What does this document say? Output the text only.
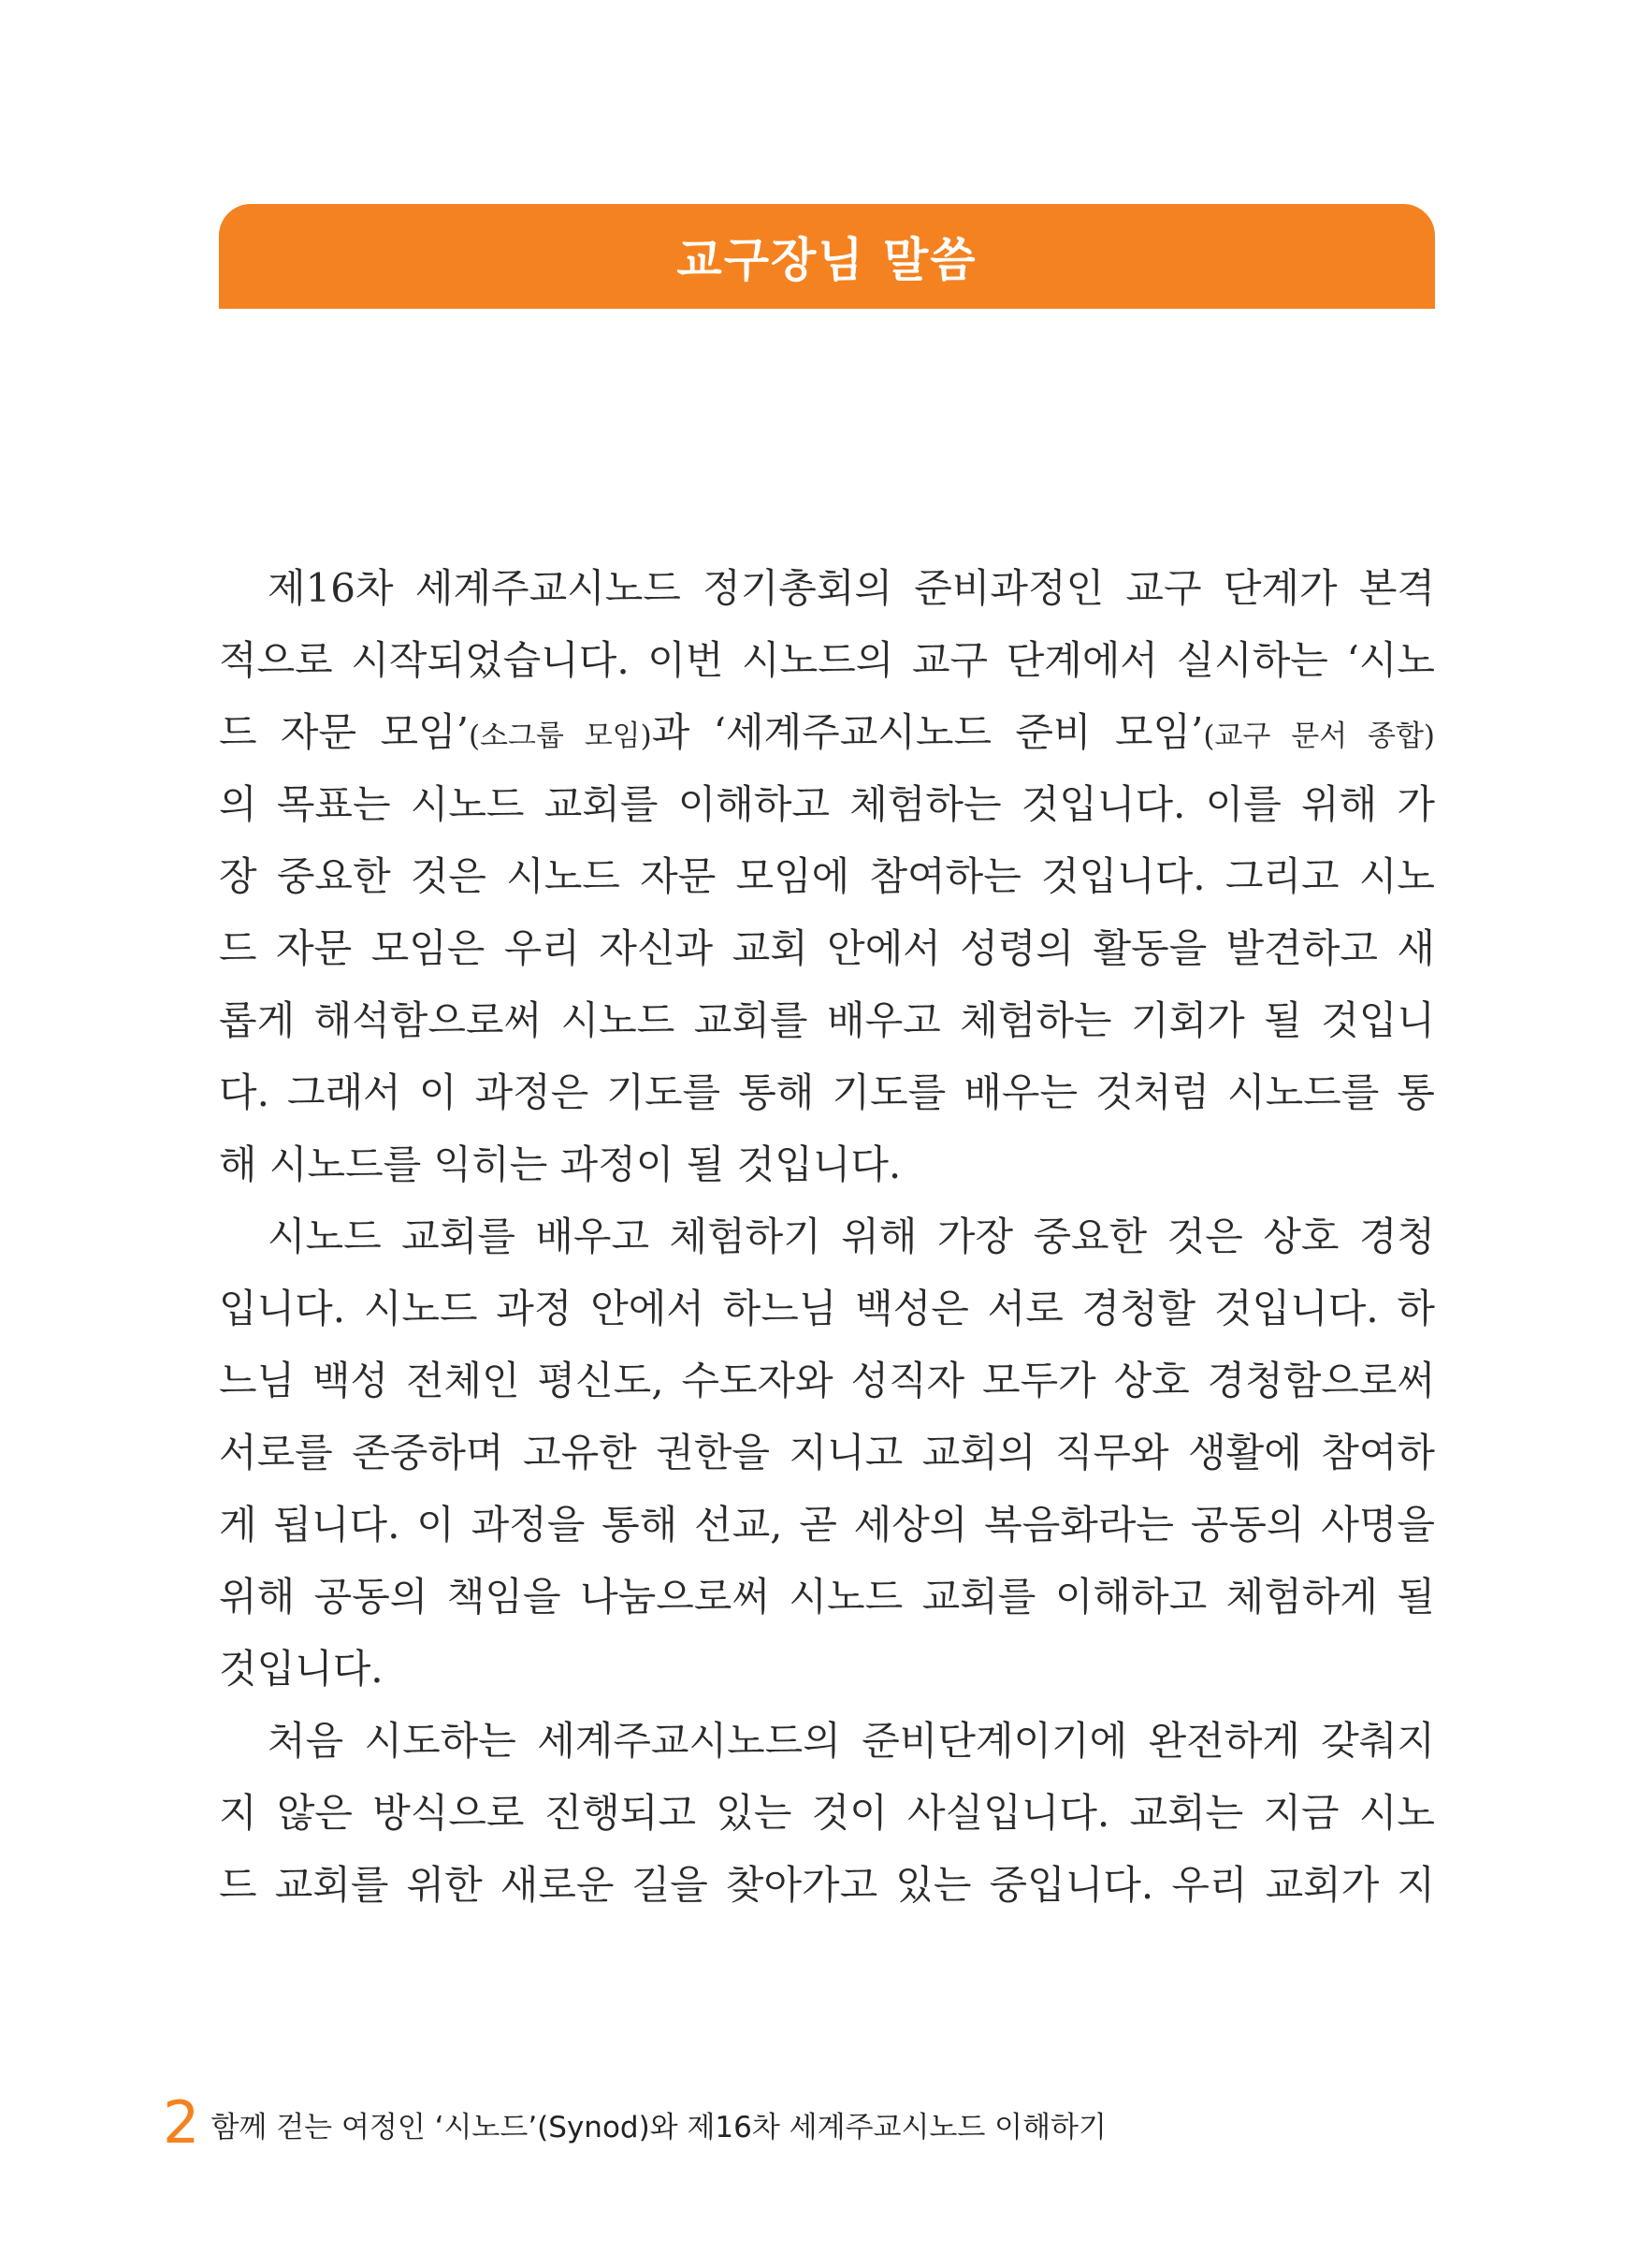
교구장님 말씀
제16차 세계주교시노드 정기총회의 준비과정인 교구 단계가 본격
적으로 시작되었습니다. 이번 시노드의 교구 단계에서 실시하는 ‘시노
드 자문 모임’(소그룹 모임)과 ‘세계주교시노드 준비 모임’(교구 문서 종합)
의 목표는 시노드 교회를 이해하고 체험하는 것입니다. 이를 위해 가
장 중요한 것은 시노드 자문 모임에 참여하는 것입니다. 그리고 시노
드 자문 모임은 우리 자신과 교회 안에서 성령의 활동을 발견하고 새
롭게 해석함으로써 시노드 교회를 배우고 체험하는 기회가 될 것입니
다. 그래서 이 과정은 기도를 통해 기도를 배우는 것처럼 시노드를 통
해 시노드를 익히는 과정이 될 것입니다.
시노드 교회를 배우고 체험하기 위해 가장 중요한 것은 상호 경청
입니다. 시노드 과정 안에서 하느님 백성은 서로 경청할 것입니다. 하
느님 백성 전체인 평신도, 수도자와 성직자 모두가 상호 경청함으로써
서로를 존중하며 고유한 권한을 지니고 교회의 직무와 생활에 참여하
게 됩니다. 이 과정을 통해 선교, 곧 세상의 복음화라는 공동의 사명을
위해 공동의 책임을 나눔으로써 시노드 교회를 이해하고 체험하게 될
것입니다.
처음 시도하는 세계주교시노드의 준비단계이기에 완전하게 갖춰지
지 않은 방식으로 진행되고 있는 것이 사실입니다. 교회는 지금 시노
드 교회를 위한 새로운 길을 찾아가고 있는 중입니다. 우리 교회가 지
2 함께 걷는 여정인 ‘시노드’(Synod)와 제16차 세계주교시노드 이해하기
